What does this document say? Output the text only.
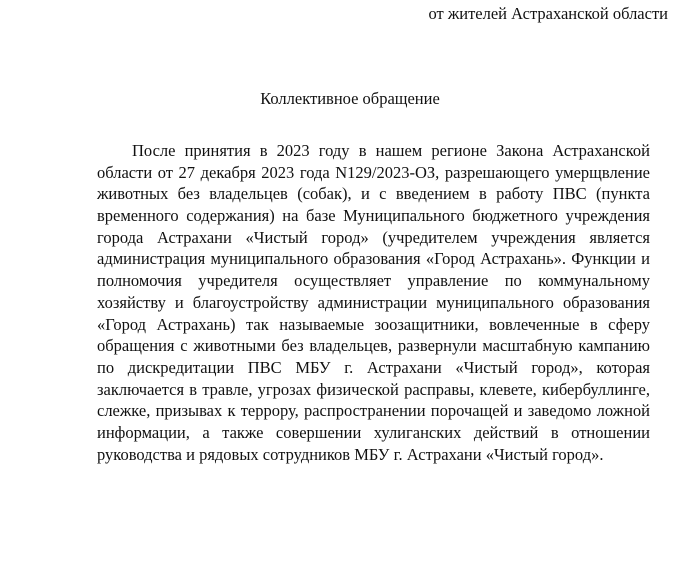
от жителей Астраханской области
Коллективное обращение
После принятия в 2023 году в нашем регионе Закона Астраханской
области от 27 декабря 2023 года N129/2023-ОЗ, разрешающего умерщвление
животных без владельцев (собак), и с введением в работу ПВС (пункта
временного содержания) на базе Муниципального бюджетного учреждения
города Астрахани «Чистый город» (учредителем учреждения является
администрация муниципального образования «Город Астрахань». Функции и
полномочия учредителя осуществляет управление по коммунальному
хозяйству и благоустройству администрации муниципального образования
«Город Астрахань) так называемые зоозащитники, вовлеченные в сферу
обращения с животными без владельцев, развернули масштабную кампанию
по дискредитации ПВС МБУ г. Астрахани «Чистый город», которая
заключается в травле, угрозах физической расправы, клевете, кибербуллинге,
слежке, призывах к террору, распространении порочащей и заведомо ложной
информации, а также совершении хулиганских действий в отношении
руководства и рядовых сотрудников МБУ г. Астрахани «Чистый город».
